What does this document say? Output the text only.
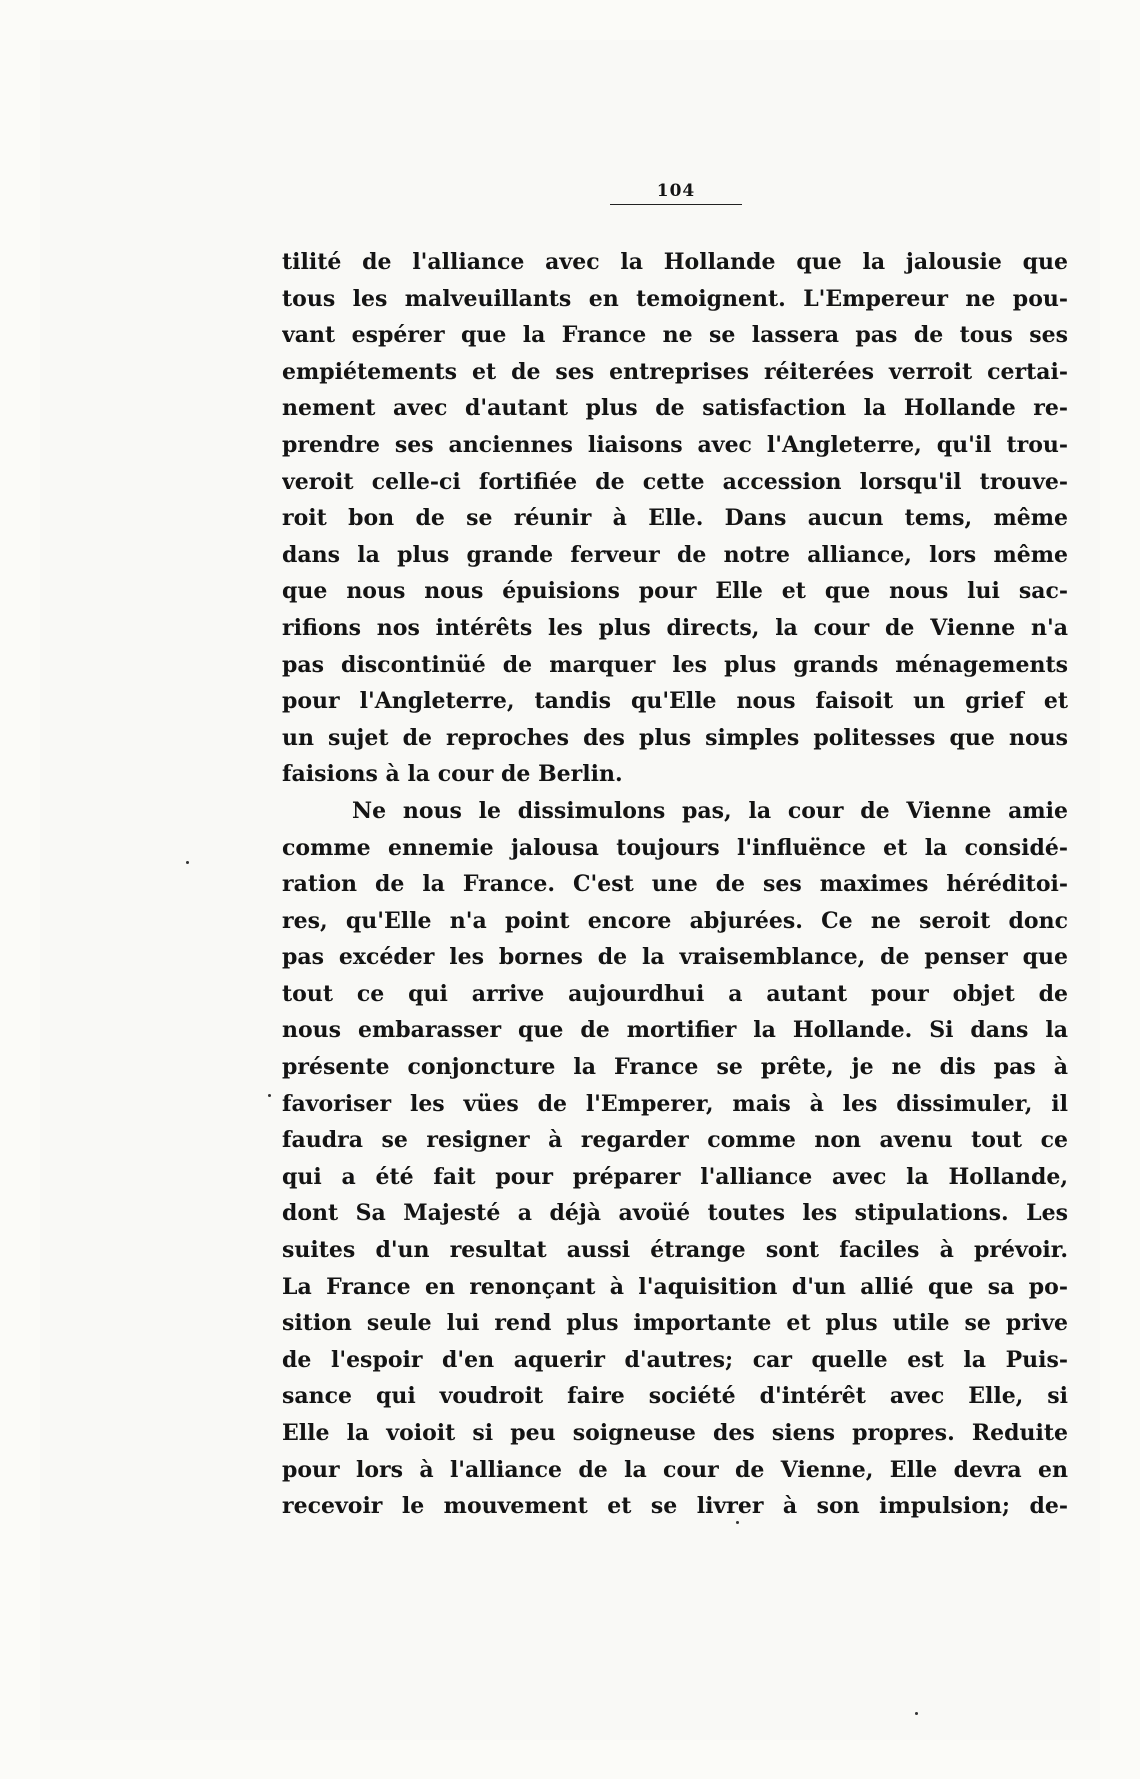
104
tilité de l'alliance avec la Hollande que la jalousie que
tous les malveuillants en temoignent. L'Empereur ne pou-
vant espérer que la France ne se lassera pas de tous ses
empiétements et de ses entreprises réiterées verroit certai-
nement avec d'autant plus de satisfaction la Hollande re-
prendre ses anciennes liaisons avec l'Angleterre, qu'il trou-
veroit celle-ci fortifiée de cette accession lorsqu'il trouve-
roit bon de se réunir à Elle. Dans aucun tems, même
dans la plus grande ferveur de notre alliance, lors même
que nous nous épuisions pour Elle et que nous lui sac-
rifions nos intérêts les plus directs, la cour de Vienne n'a
pas discontinüé de marquer les plus grands ménagements
pour l'Angleterre, tandis qu'Elle nous faisoit un grief et
un sujet de reproches des plus simples politesses que nous
faisions à la cour de Berlin.
Ne nous le dissimulons pas, la cour de Vienne amie
comme ennemie jalousa toujours l'influënce et la considé-
ration de la France. C'est une de ses maximes héréditoi-
res, qu'Elle n'a point encore abjurées. Ce ne seroit donc
pas excéder les bornes de la vraisemblance, de penser que
tout ce qui arrive aujourdhui a autant pour objet de
nous embarasser que de mortifier la Hollande. Si dans la
présente conjoncture la France se prête, je ne dis pas à
favoriser les vües de l'Emperer, mais à les dissimuler, il
faudra se resigner à regarder comme non avenu tout ce
qui a été fait pour préparer l'alliance avec la Hollande,
dont Sa Majesté a déjà avoüé toutes les stipulations. Les
suites d'un resultat aussi étrange sont faciles à prévoir.
La France en renonçant à l'aquisition d'un allié que sa po-
sition seule lui rend plus importante et plus utile se prive
de l'espoir d'en aquerir d'autres; car quelle est la Puis-
sance qui voudroit faire société d'intérêt avec Elle, si
Elle la voioit si peu soigneuse des siens propres. Reduite
pour lors à l'alliance de la cour de Vienne, Elle devra en
recevoir le mouvement et se livrer à son impulsion; de-
